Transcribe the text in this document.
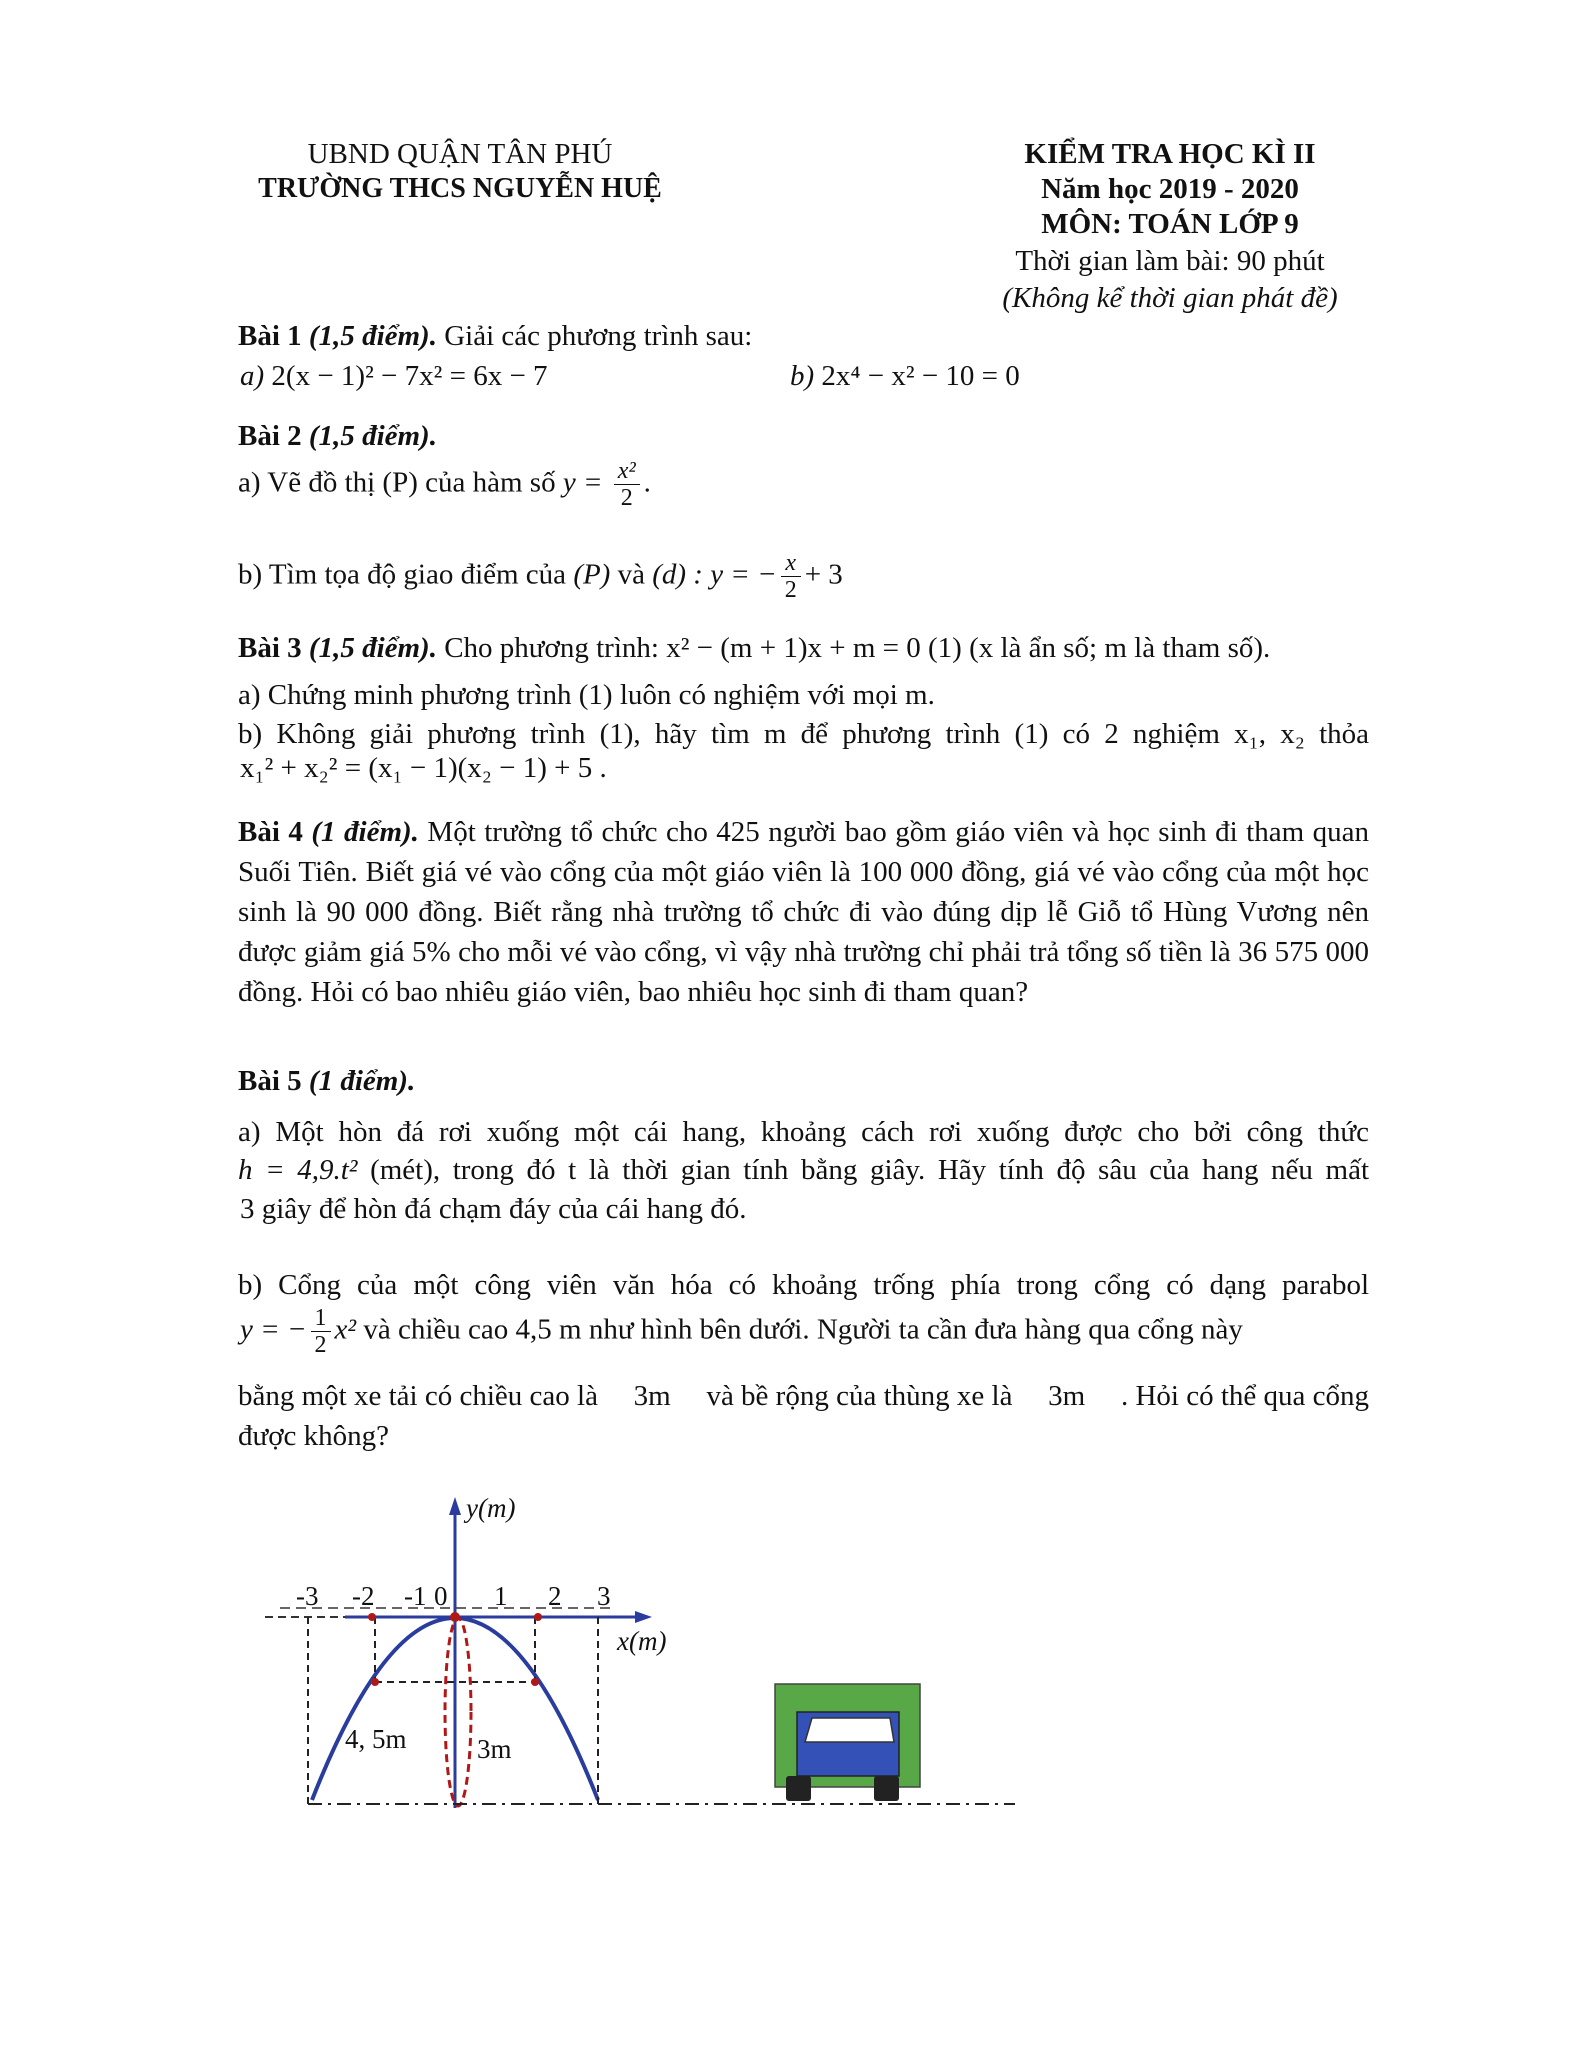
UBND QUẬN TÂN PHÚ
TRƯỜNG THCS NGUYỄN HUỆ
KIỂM TRA HỌC KÌ II
Năm học 2019 - 2020
MÔN: TOÁN LỚP 9
Thời gian làm bài: 90 phút
(Không kể thời gian phát đề)
Bài 1 (1,5 điểm). Giải các phương trình sau:
a) 2(x − 1)² − 7x² = 6x − 7	b) 2x⁴ − x² − 10 = 0
Bài 2 (1,5 điểm).
a) Vẽ đồ thị (P) của hàm số $y = \frac{\text{x²}}{2}$ .
b) Tìm tọa độ giao điểm của (P) và (d) : y = − $\frac{x}{2} + 3$
Bài 3 (1,5 điểm). Cho phương trình: x² − (m + 1)x + m = 0 (1) (x là ẩn số; m là tham số).
a) Chứng minh phương trình (1) luôn có nghiệm với mọi m.
b) Không giải phương trình (1), hãy tìm m để phương trình (1) có 2 nghiệm x₁, x₂ thỏa
x₁² + x₂² = (x₁ − 1)(x₂ − 1) + 5 .
Bài 4 (1 điểm). Một trường tổ chức cho 425 người bao gồm giáo viên và học sinh đi tham quan Suối Tiên. Biết giá vé vào cổng của một giáo viên là 100 000 đồng, giá vé vào cổng của một học sinh là 90 000 đồng. Biết rằng nhà trường tổ chức đi vào đúng dịp lễ Giỗ tổ Hùng Vương nên được giảm giá 5% cho mỗi vé vào cổng, vì vậy nhà trường chỉ phải trả tổng số tiền là 36 575 000 đồng. Hỏi có bao nhiêu giáo viên, bao nhiêu học sinh đi tham quan?
Bài 5 (1 điểm).
a) Một hòn đá rơi xuống một cái hang, khoảng cách rơi xuống được cho bởi công thức
h = 4,9.t² (mét), trong đó t là thời gian tính bằng giây. Hãy tính độ sâu của hang nếu mất
3 giây để hòn đá chạm đáy của cái hang đó.
b) Cổng của một công viên văn hóa có khoảng trống phía trong cổng có dạng parabol
y = − $\frac{1}{2} x^2$ và chiều cao 4,5 m như hình bên dưới. Người ta cần đưa hàng qua cổng này
bằng một xe tải có chiều cao là 3m và bề rộng của thùng xe là 3m . Hỏi có thể qua cổng
được không?
y(m)
x(m)
-3 -2 -1 0 1 2 3
4, 5m	3m
